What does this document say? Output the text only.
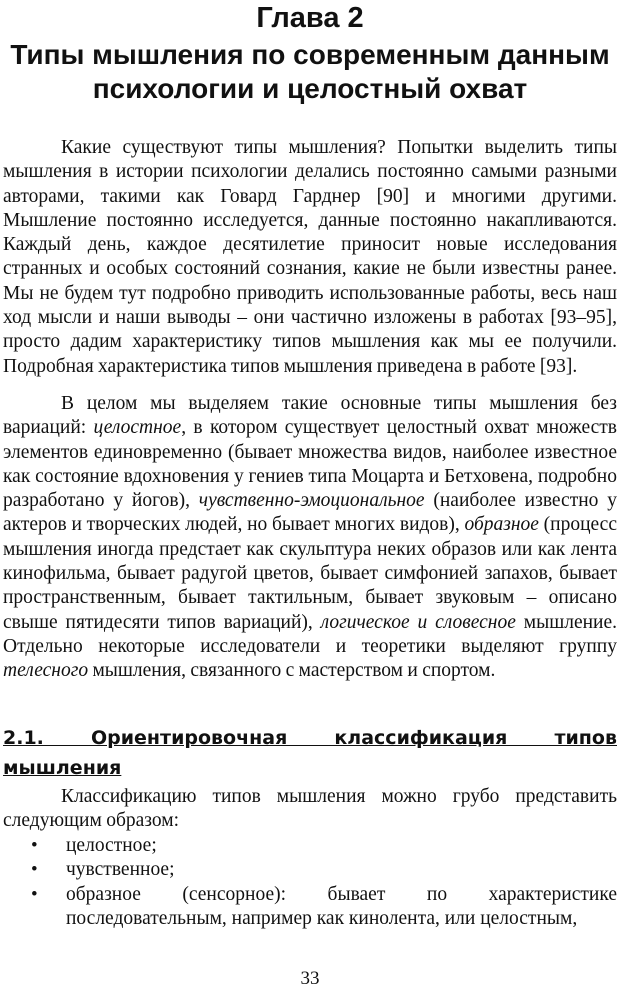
Глава 2
Типы мышления по современным данным психологии и целостный охват

Какие существуют типы мышления? Попытки выделить типы мышления в истории психологии делались постоянно самыми разными авторами, такими как Говард Гарднер [90] и многими другими. Мышление постоянно исследуется, данные постоянно накапливаются. Каждый день, каждое десятилетие приносит новые исследования странных и особых состояний сознания, какие не были известны ранее. Мы не будем тут подробно приводить использованные работы, весь наш ход мысли и наши выводы – они частично изложены в работах [93–95], просто дадим характеристику типов мышления как мы ее получили. Подробная характеристика типов мышления приведена в работе [93].

В целом мы выделяем такие основные типы мышления без вариаций: целостное, в котором существует целостный охват множеств элементов единовременно (бывает множества видов, наиболее известное как состояние вдохновения у гениев типа Моцарта и Бетховена, подробно разработано у йогов), чувственно-эмоциональное (наиболее известно у актеров и творческих людей, но бывает многих видов), образное (процесс мышления иногда предстает как скульптура неких образов или как лента кинофильма, бывает радугой цветов, бывает симфонией запахов, бывает пространственным, бывает тактильным, бывает звуковым – описано свыше пятидесяти типов вариаций), логическое и словесное мышление. Отдельно некоторые исследователи и теоретики выделяют группу телесного мышления, связанного с мастерством и спортом.

2.1. Ориентировочная классификация типов мышления

Классификацию типов мышления можно грубо представить следующим образом:

• целостное;
• чувственное;
• образное (сенсорное): бывает по характеристике последовательным, например как кинолента, или целостным,
33
